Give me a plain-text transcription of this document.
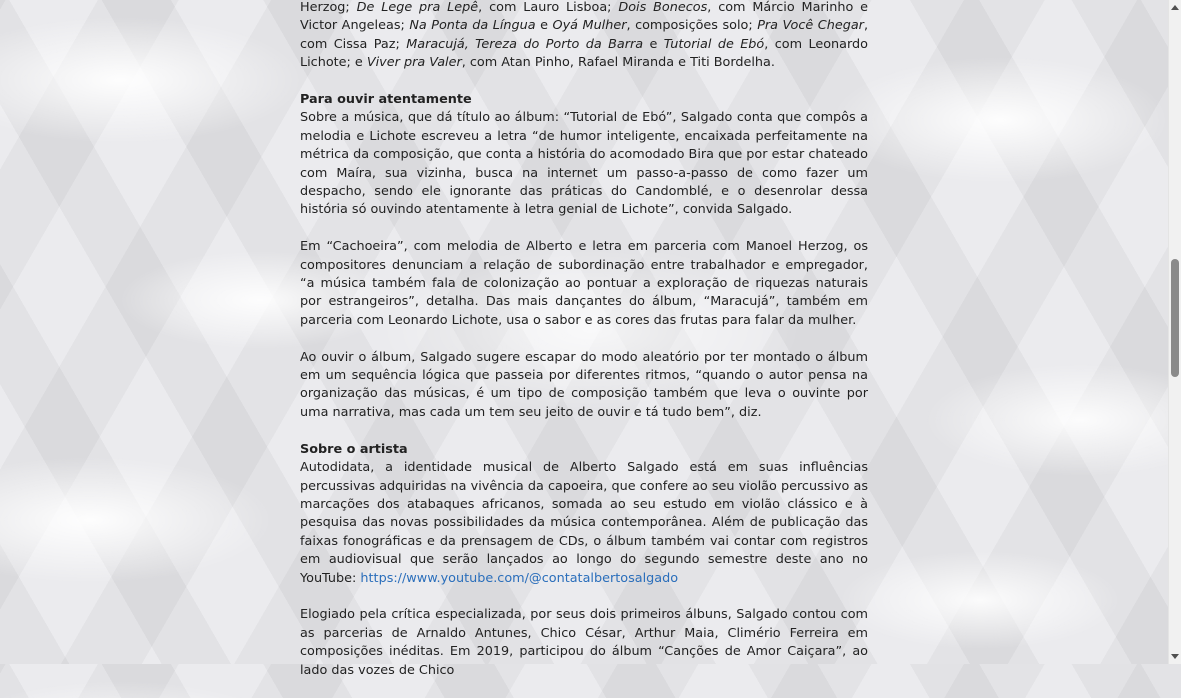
Herzog; De Lege pra Lepê, com Lauro Lisboa; Dois Bonecos, com Márcio Marinho e Victor Angeleas; Na Ponta da Língua e Oyá Mulher, composições solo; Pra Você Chegar, com Cissa Paz; Maracujá, Tereza do Porto da Barra e Tutorial de Ebó, com Leonardo Lichote; e Viver pra Valer, com Atan Pinho, Rafael Miranda e Titi Bordelha.

Para ouvir atentamente
Sobre a música, que dá título ao álbum: “Tutorial de Ebó”, Salgado conta que compôs a melodia e Lichote escreveu a letra “de humor inteligente, encaixada perfeitamente na métrica da composição, que conta a história do acomodado Bira que por estar chateado com Maíra, sua vizinha, busca na internet um passo-a-passo de como fazer um despacho, sendo ele ignorante das práticas do Candomblé, e o desenrolar dessa história só ouvindo atentamente à letra genial de Lichote”, convida Salgado.

Em “Cachoeira”, com melodia de Alberto e letra em parceria com Manoel Herzog, os compositores denunciam a relação de subordinação entre trabalhador e empregador, “a música também fala de colonização ao pontuar a exploração de riquezas naturais por estrangeiros”, detalha. Das mais dançantes do álbum, “Maracujá”, também em parceria com Leonardo Lichote, usa o sabor e as cores das frutas para falar da mulher.

Ao ouvir o álbum, Salgado sugere escapar do modo aleatório por ter montado o álbum em um sequência lógica que passeia por diferentes ritmos, “quando o autor pensa na organização das músicas, é um tipo de composição também que leva o ouvinte por uma narrativa, mas cada um tem seu jeito de ouvir e tá tudo bem”, diz.

Sobre o artista
Autodidata, a identidade musical de Alberto Salgado está em suas influências percussivas adquiridas na vivência da capoeira, que confere ao seu violão percussivo as marcações dos atabaques africanos, somada ao seu estudo em violão clássico e à pesquisa das novas possibilidades da música contemporânea. Além de publicação das faixas fonográficas e da prensagem de CDs, o álbum também vai contar com registros em audiovisual que serão lançados ao longo do segundo semestre deste ano no YouTube: https://www.youtube.com/@contatalbertosalgado

Elogiado pela crítica especializada, por seus dois primeiros álbuns, Salgado contou com as parcerias de Arnaldo Antunes, Chico César, Arthur Maia, Climério Ferreira em composições inéditas. Em 2019, participou do álbum “Canções de Amor Caiçara”, ao lado das vozes de Chico
